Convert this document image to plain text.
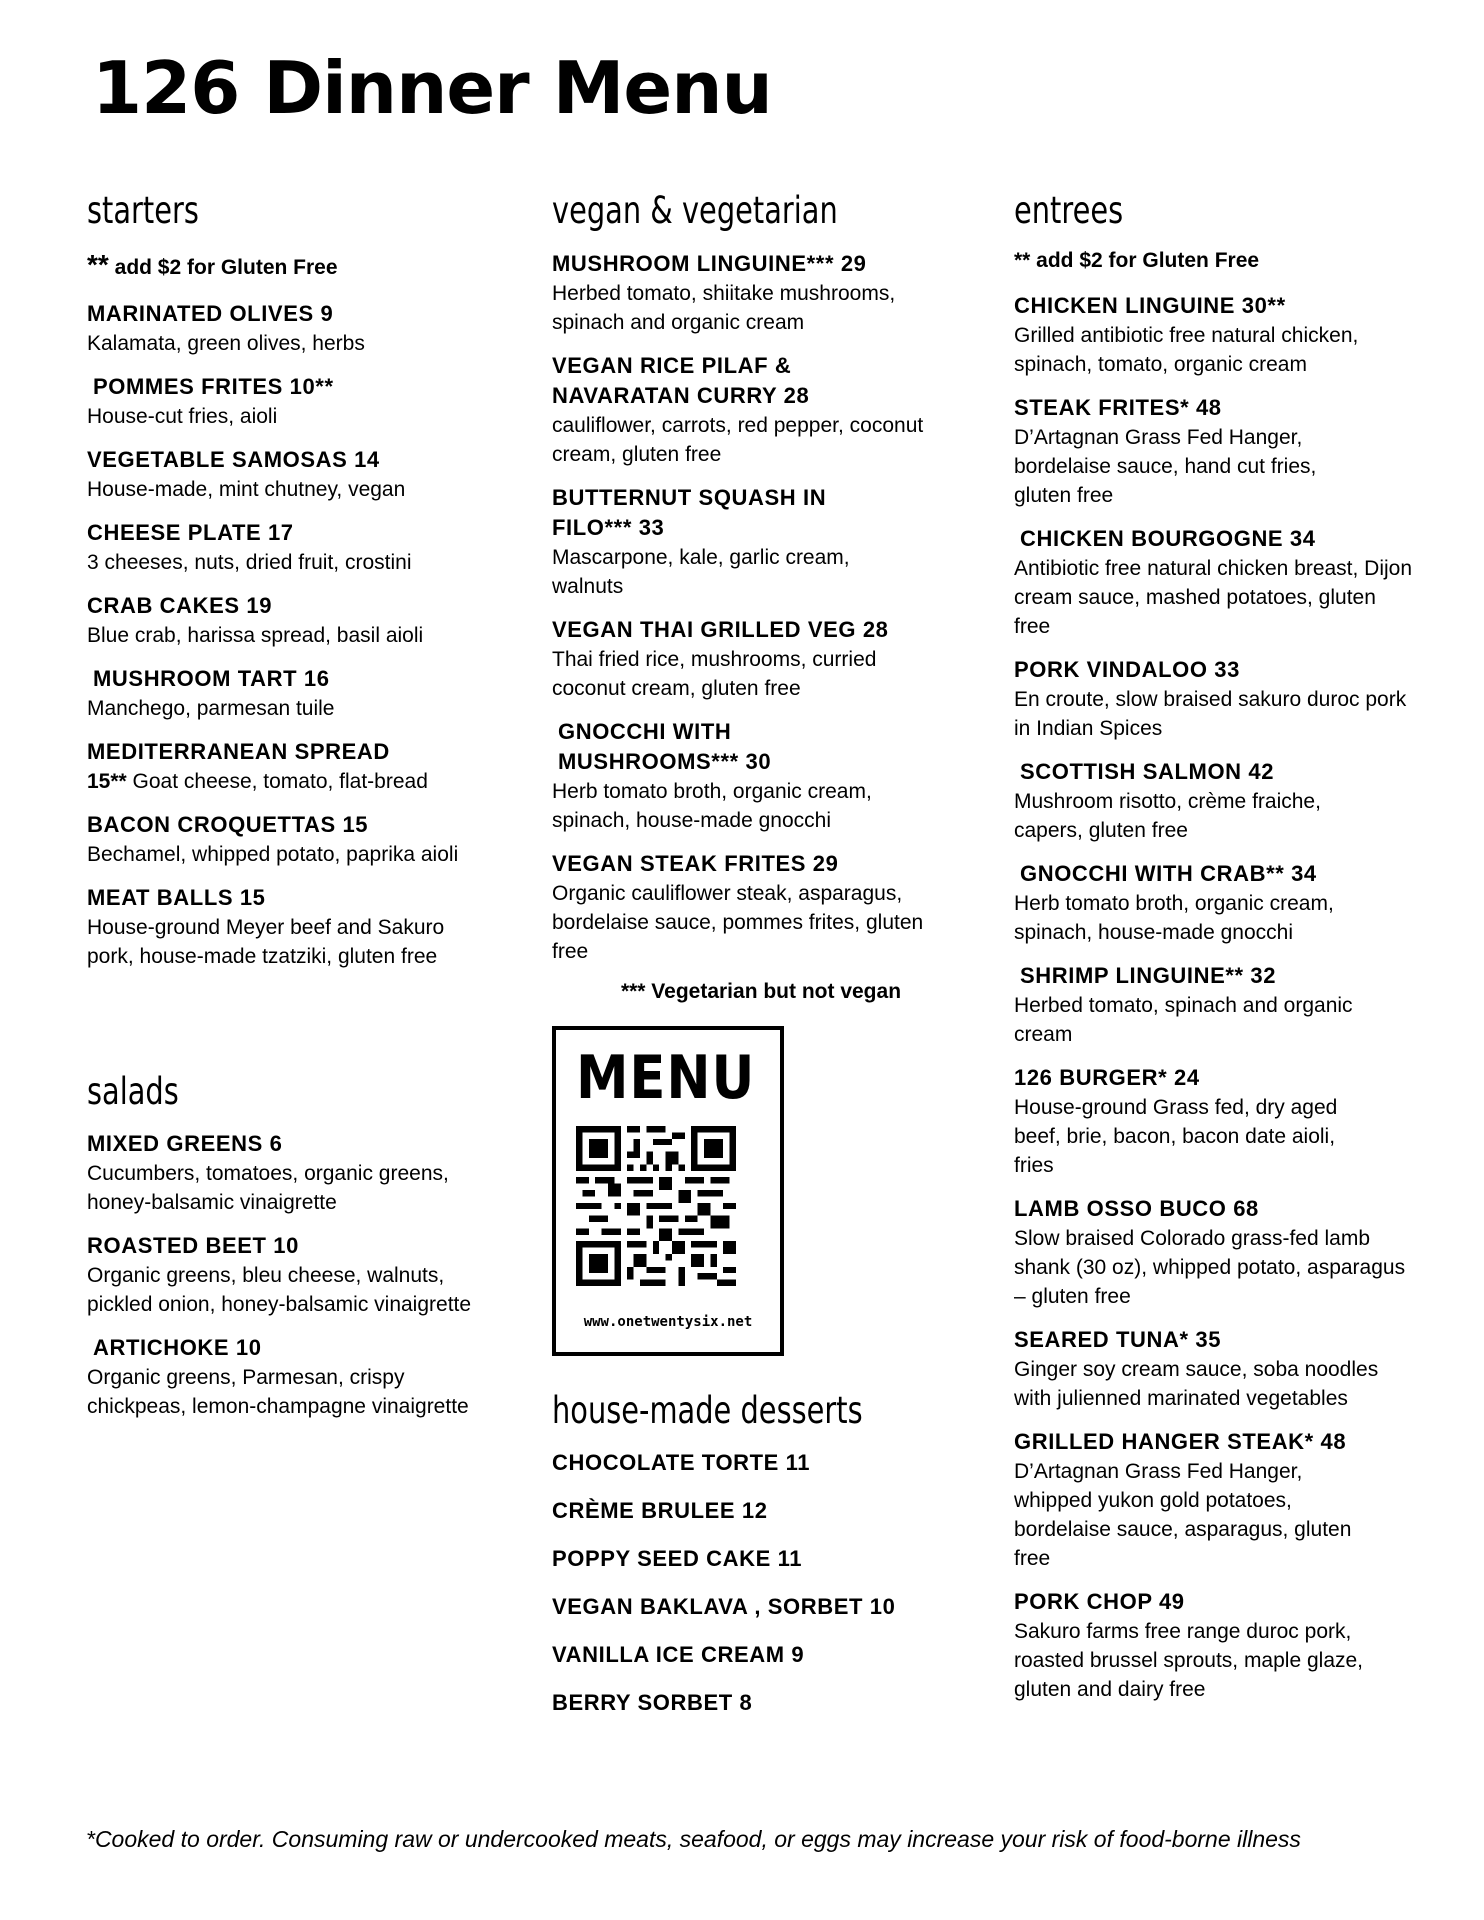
126 Dinner Menu
starters
** add $2 for Gluten Free
MARINATED OLIVES 9
Kalamata, green olives, herbs
POMMES FRITES 10**
House-cut fries, aioli
VEGETABLE SAMOSAS 14
House-made, mint chutney, vegan
CHEESE PLATE 17
3 cheeses, nuts, dried fruit, crostini
CRAB CAKES 19
Blue crab, harissa spread, basil aioli
MUSHROOM TART 16
Manchego, parmesan tuile
MEDITERRANEAN SPREAD
15** Goat cheese, tomato, flat-bread
BACON CROQUETTAS 15
Bechamel, whipped potato, paprika aioli
MEAT BALLS 15
House-ground Meyer beef and Sakuro pork, house-made tzatziki, gluten free
salads
MIXED GREENS 6
Cucumbers, tomatoes, organic greens, honey-balsamic vinaigrette
ROASTED BEET 10
Organic greens, bleu cheese, walnuts, pickled onion, honey-balsamic vinaigrette
ARTICHOKE 10
Organic greens, Parmesan, crispy chickpeas, lemon-champagne vinaigrette
vegan & vegetarian
MUSHROOM LINGUINE*** 29
Herbed tomato, shiitake mushrooms, spinach and organic cream
VEGAN RICE PILAF & NAVARATAN CURRY 28
cauliflower, carrots, red pepper, coconut cream, gluten free
BUTTERNUT SQUASH IN FILO*** 33
Mascarpone, kale, garlic cream, walnuts
VEGAN THAI GRILLED VEG 28
Thai fried rice, mushrooms, curried coconut cream, gluten free
GNOCCHI WITH MUSHROOMS*** 30
Herb tomato broth, organic cream, spinach, house-made gnocchi
VEGAN STEAK FRITES 29
Organic cauliflower steak, asparagus, bordelaise sauce, pommes frites, gluten free
*** Vegetarian but not vegan
MENU
www.onetwentysix.net
house-made desserts
CHOCOLATE TORTE 11
CRÈME BRULEE 12
POPPY SEED CAKE 11
VEGAN BAKLAVA , SORBET 10
VANILLA ICE CREAM 9
BERRY SORBET 8
entrees
** add $2 for Gluten Free
CHICKEN LINGUINE 30**
Grilled antibiotic free natural chicken, spinach, tomato, organic cream
STEAK FRITES* 48
D’Artagnan Grass Fed Hanger, bordelaise sauce, hand cut fries, gluten free
CHICKEN BOURGOGNE 34
Antibiotic free natural chicken breast, Dijon cream sauce, mashed potatoes, gluten free
PORK VINDALOO 33
En croute, slow braised sakuro duroc pork in Indian Spices
SCOTTISH SALMON 42
Mushroom risotto, crème fraiche, capers, gluten free
GNOCCHI WITH CRAB** 34
Herb tomato broth, organic cream, spinach, house-made gnocchi
SHRIMP LINGUINE** 32
Herbed tomato, spinach and organic cream
126 BURGER* 24
House-ground Grass fed, dry aged beef, brie, bacon, bacon date aioli, fries
LAMB OSSO BUCO 68
Slow braised Colorado grass-fed lamb shank (30 oz), whipped potato, asparagus – gluten free
SEARED TUNA* 35
Ginger soy cream sauce, soba noodles with julienned marinated vegetables
GRILLED HANGER STEAK* 48
D’Artagnan Grass Fed Hanger, whipped yukon gold potatoes, bordelaise sauce, asparagus, gluten free
PORK CHOP 49
Sakuro farms free range duroc pork, roasted brussel sprouts, maple glaze, gluten and dairy free
*Cooked to order. Consuming raw or undercooked meats, seafood, or eggs may increase your risk of food-borne illness
